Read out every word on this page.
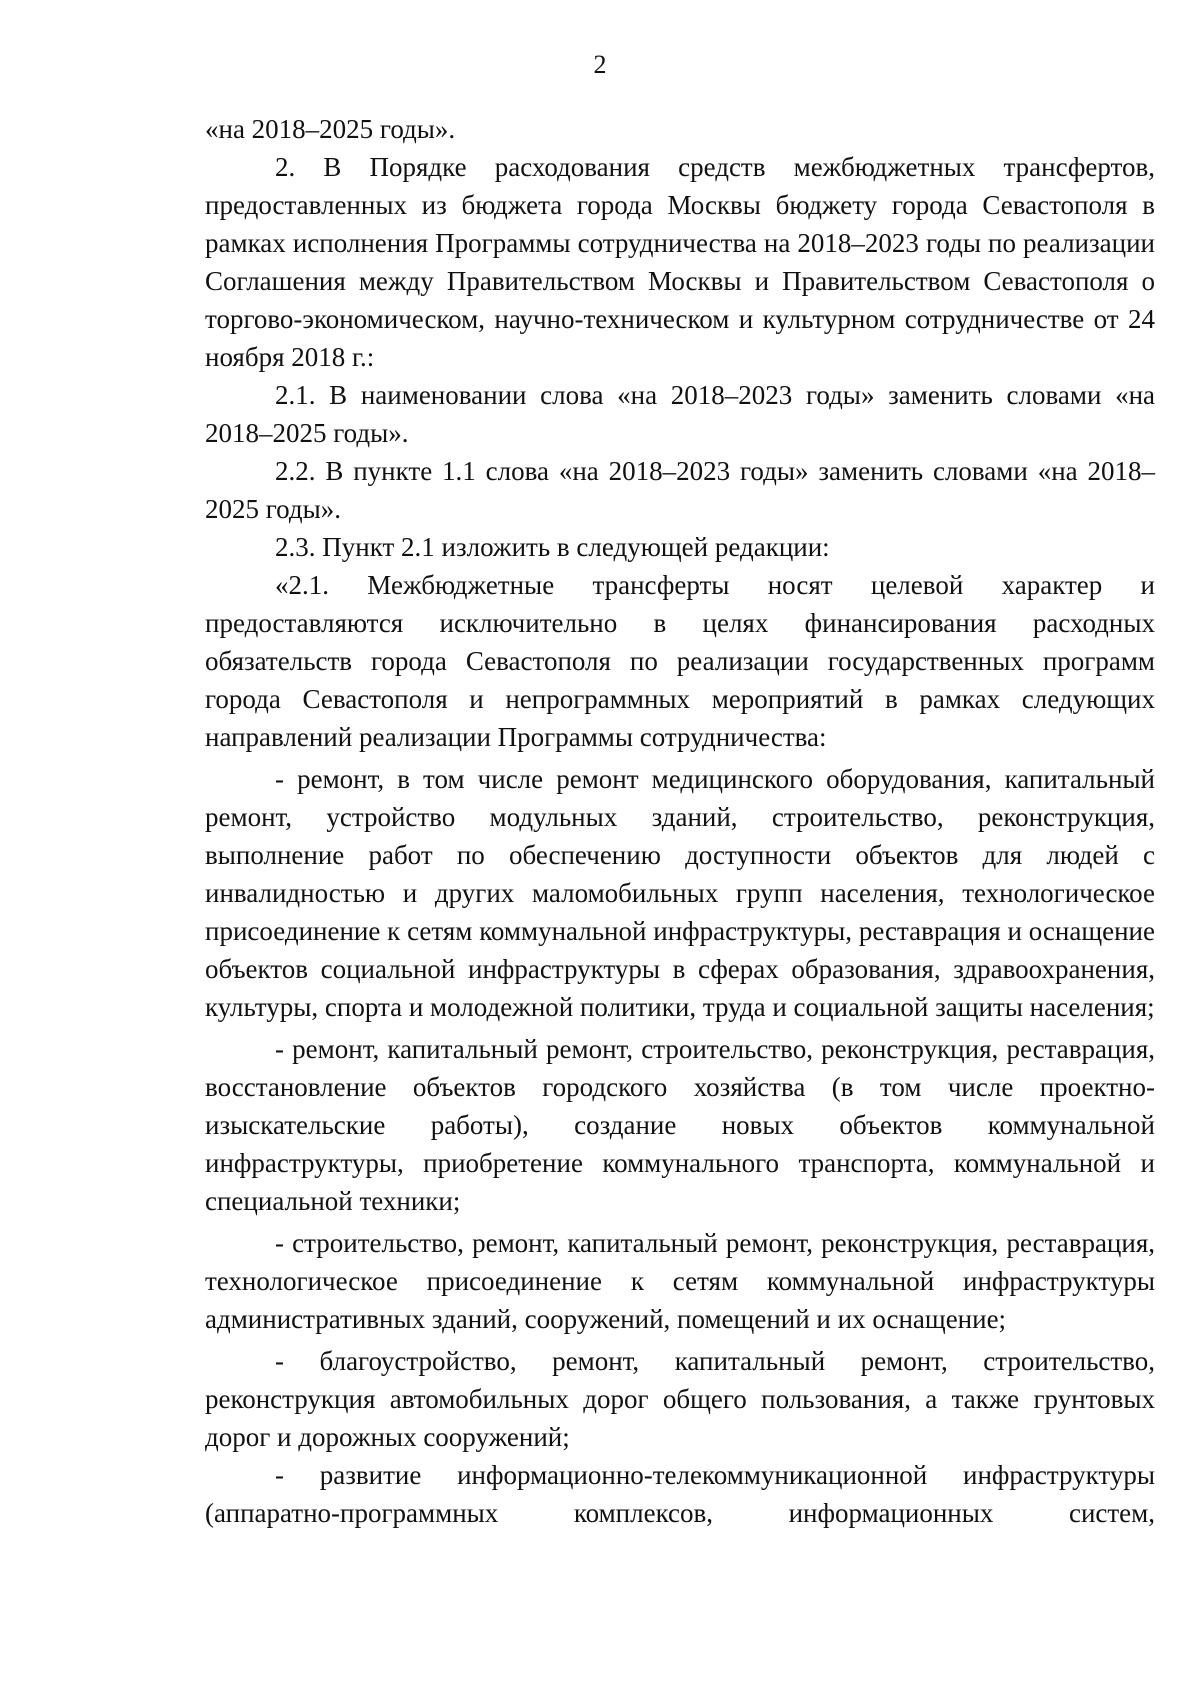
2

«на 2018–2025 годы».

2. В Порядке расходования средств межбюджетных трансфертов, предоставленных из бюджета города Москвы бюджету города Севастополя в рамках исполнения Программы сотрудничества на 2018–2023 годы по реализации Соглашения между Правительством Москвы и Правительством Севастополя о торгово-экономическом, научно-техническом и культурном сотрудничестве от 24 ноября 2018 г.:

2.1. В наименовании слова «на 2018–2023 годы» заменить словами «на 2018–2025 годы».

2.2. В пункте 1.1 слова «на 2018–2023 годы» заменить словами «на 2018–2025 годы».

2.3. Пункт 2.1 изложить в следующей редакции:

«2.1. Межбюджетные трансферты носят целевой характер и предоставляются исключительно в целях финансирования расходных обязательств города Севастополя по реализации государственных программ города Севастополя и непрограммных мероприятий в рамках следующих направлений реализации Программы сотрудничества:

- ремонт, в том числе ремонт медицинского оборудования, капитальный ремонт, устройство модульных зданий, строительство, реконструкция, выполнение работ по обеспечению доступности объектов для людей с инвалидностью и других маломобильных групп населения, технологическое присоединение к сетям коммунальной инфраструктуры, реставрация и оснащение объектов социальной инфраструктуры в сферах образования, здравоохранения, культуры, спорта и молодежной политики, труда и социальной защиты населения;

- ремонт, капитальный ремонт, строительство, реконструкция, реставрация, восстановление объектов городского хозяйства (в том числе проектно-изыскательские работы), создание новых объектов коммунальной инфраструктуры, приобретение коммунального транспорта, коммунальной и специальной техники;

- строительство, ремонт, капитальный ремонт, реконструкция, реставрация, технологическое присоединение к сетям коммунальной инфраструктуры административных зданий, сооружений, помещений и их оснащение;

- благоустройство, ремонт, капитальный ремонт, строительство, реконструкция автомобильных дорог общего пользования, а также грунтовых дорог и дорожных сооружений;

- развитие информационно-телекоммуникационной инфраструктуры (аппаратно-программных комплексов, информационных систем,
